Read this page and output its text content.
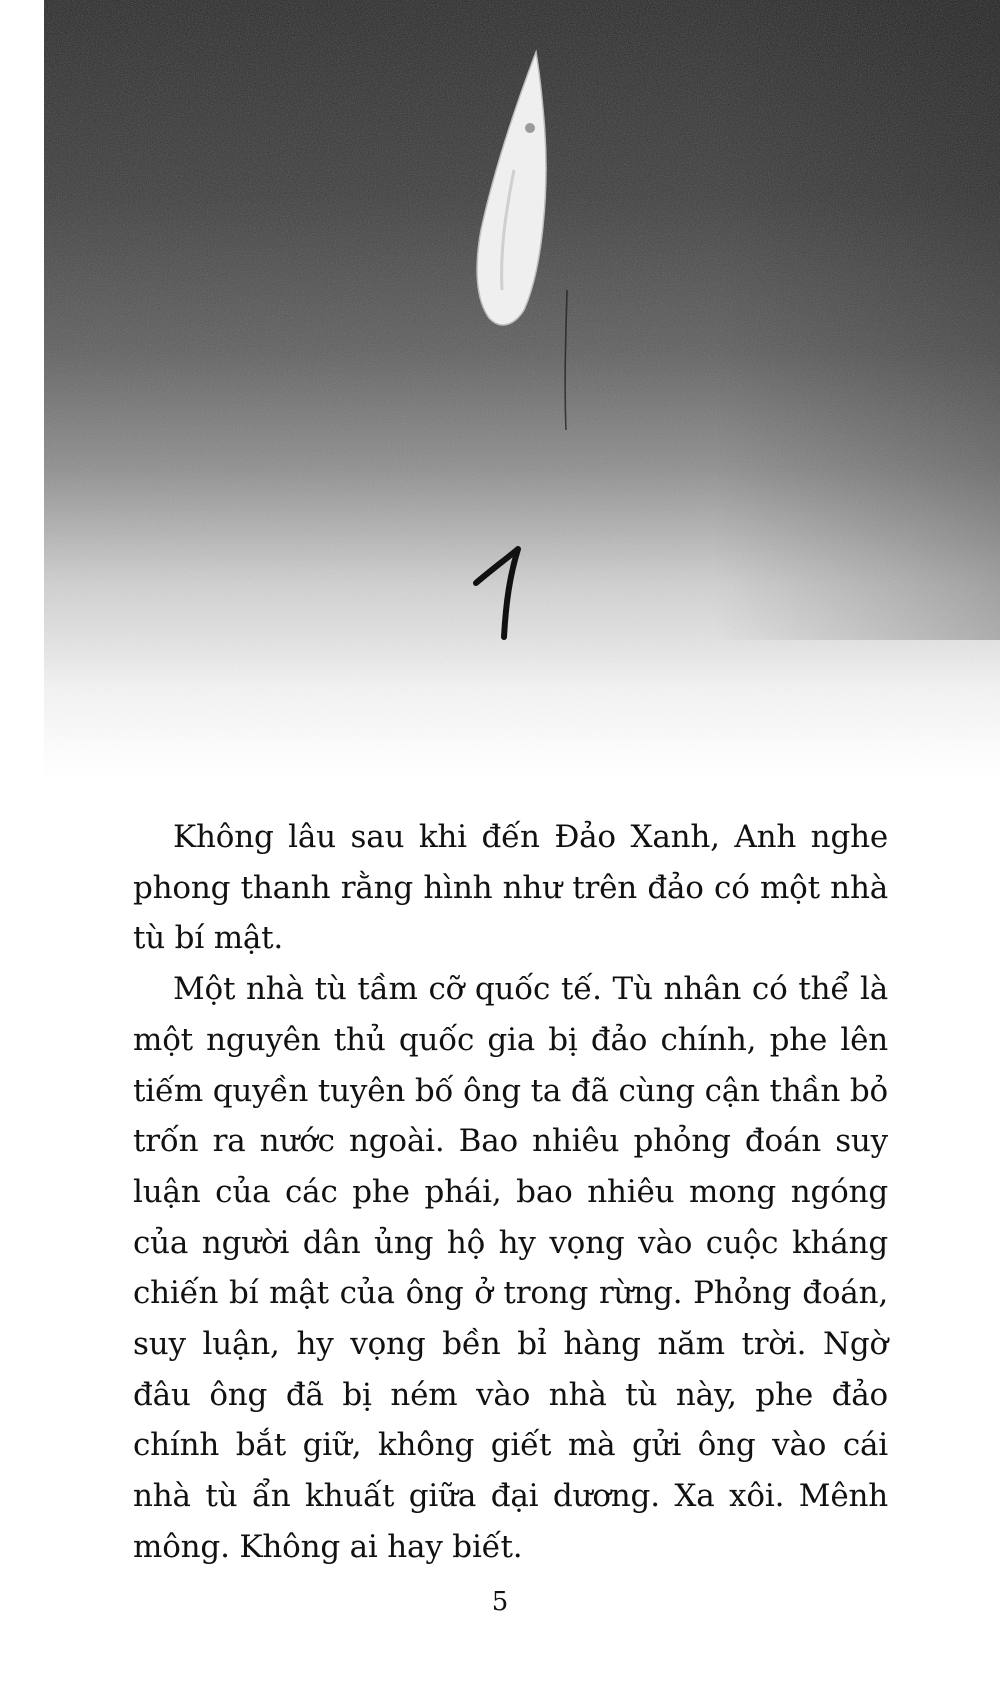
Không lâu sau khi đến Đảo Xanh, Anh nghe phong thanh rằng hình như trên đảo có một nhà tù bí mật.

Một nhà tù tầm cỡ quốc tế. Tù nhân có thể là một nguyên thủ quốc gia bị đảo chính, phe lên tiếm quyền tuyên bố ông ta đã cùng cận thần bỏ trốn ra nước ngoài. Bao nhiêu phỏng đoán suy luận của các phe phái, bao nhiêu mong ngóng của người dân ủng hộ hy vọng vào cuộc kháng chiến bí mật của ông ở trong rừng. Phỏng đoán, suy luận, hy vọng bền bỉ hàng năm trời. Ngờ đâu ông đã bị ném vào nhà tù này, phe đảo chính bắt giữ, không giết mà gửi ông vào cái nhà tù ẩn khuất giữa đại dương. Xa xôi. Mênh mông. Không ai hay biết.

5
